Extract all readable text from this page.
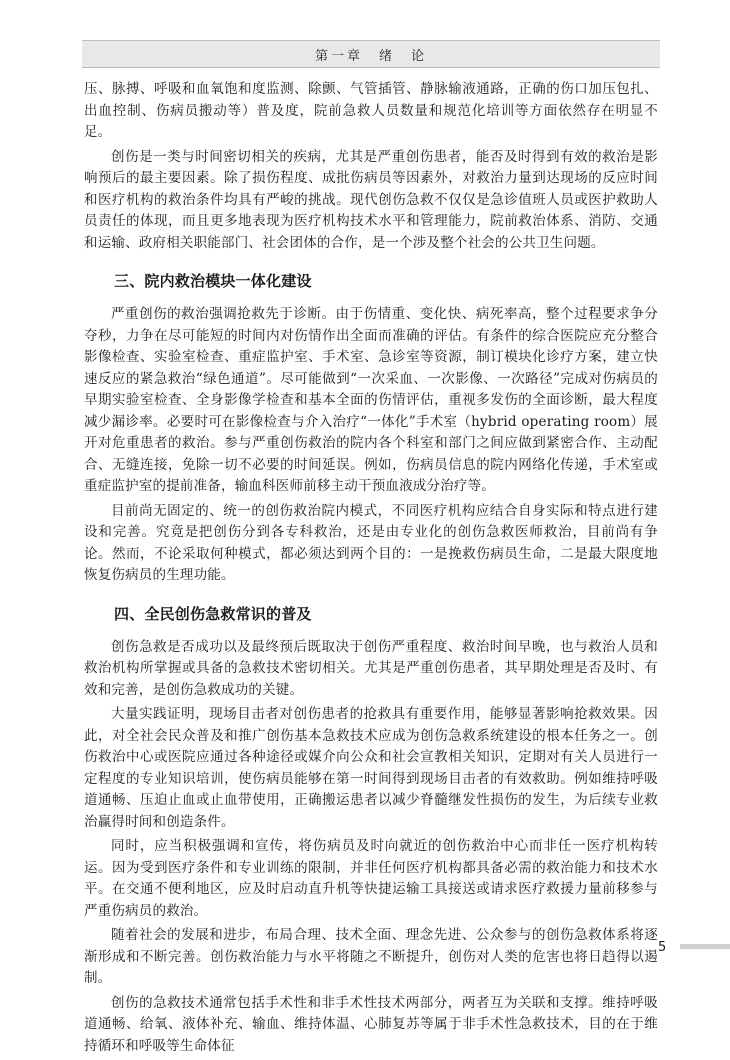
第一章　绪　论

压、脉搏、呼吸和血氧饱和度监测、除颤、气管插管、静脉输液通路，正确的伤口加压包扎、出血控制、伤病员搬动等）普及度，院前急救人员数量和规范化培训等方面依然存在明显不足。

创伤是一类与时间密切相关的疾病，尤其是严重创伤患者，能否及时得到有效的救治是影响预后的最主要因素。除了损伤程度、成批伤病员等因素外，对救治力量到达现场的反应时间和医疗机构的救治条件均具有严峻的挑战。现代创伤急救不仅仅是急诊值班人员或医护救助人员责任的体现，而且更多地表现为医疗机构技术水平和管理能力，院前救治体系、消防、交通和运输、政府相关职能部门、社会团体的合作，是一个涉及整个社会的公共卫生问题。

三、院内救治模块一体化建设

严重创伤的救治强调抢救先于诊断。由于伤情重、变化快、病死率高，整个过程要求争分夺秒，力争在尽可能短的时间内对伤情作出全面而准确的评估。有条件的综合医院应充分整合影像检查、实验室检查、重症监护室、手术室、急诊室等资源，制订模块化诊疗方案，建立快速反应的紧急救治“绿色通道”。尽可能做到“一次采血、一次影像、一次路径”完成对伤病员的早期实验室检查、全身影像学检查和基本全面的伤情评估，重视多发伤的全面诊断，最大程度减少漏诊率。必要时可在影像检查与介入治疗“一体化”手术室（hybrid operating room）展开对危重患者的救治。参与严重创伤救治的院内各个科室和部门之间应做到紧密合作、主动配合、无缝连接，免除一切不必要的时间延误。例如，伤病员信息的院内网络化传递，手术室或重症监护室的提前准备，输血科医师前移主动干预血液成分治疗等。

目前尚无固定的、统一的创伤救治院内模式，不同医疗机构应结合自身实际和特点进行建设和完善。究竟是把创伤分到各专科救治，还是由专业化的创伤急救医师救治，目前尚有争论。然而，不论采取何种模式，都必须达到两个目的：一是挽救伤病员生命，二是最大限度地恢复伤病员的生理功能。

四、全民创伤急救常识的普及

创伤急救是否成功以及最终预后既取决于创伤严重程度、救治时间早晚，也与救治人员和救治机构所掌握或具备的急救技术密切相关。尤其是严重创伤患者，其早期处理是否及时、有效和完善，是创伤急救成功的关键。

大量实践证明，现场目击者对创伤患者的抢救具有重要作用，能够显著影响抢救效果。因此，对全社会民众普及和推广创伤基本急救技术应成为创伤急救系统建设的根本任务之一。创伤救治中心或医院应通过各种途径或媒介向公众和社会宣教相关知识，定期对有关人员进行一定程度的专业知识培训，使伤病员能够在第一时间得到现场目击者的有效救助。例如维持呼吸道通畅、压迫止血或止血带使用，正确搬运患者以减少脊髓继发性损伤的发生，为后续专业救治赢得时间和创造条件。

同时，应当积极强调和宣传，将伤病员及时向就近的创伤救治中心而非任一医疗机构转运。因为受到医疗条件和专业训练的限制，并非任何医疗机构都具备必需的救治能力和技术水平。在交通不便利地区，应及时启动直升机等快捷运输工具接送或请求医疗救援力量前移参与严重伤病员的救治。

随着社会的发展和进步，布局合理、技术全面、理念先进、公众参与的创伤急救体系将逐渐形成和不断完善。创伤救治能力与水平将随之不断提升，创伤对人类的危害也将日趋得以遏制。

创伤的急救技术通常包括手术性和非手术性技术两部分，两者互为关联和支撑。维持呼吸道通畅、给氧、液体补充、输血、维持体温、心肺复苏等属于非手术性急救技术，目的在于维持循环和呼吸等生命体征

5
